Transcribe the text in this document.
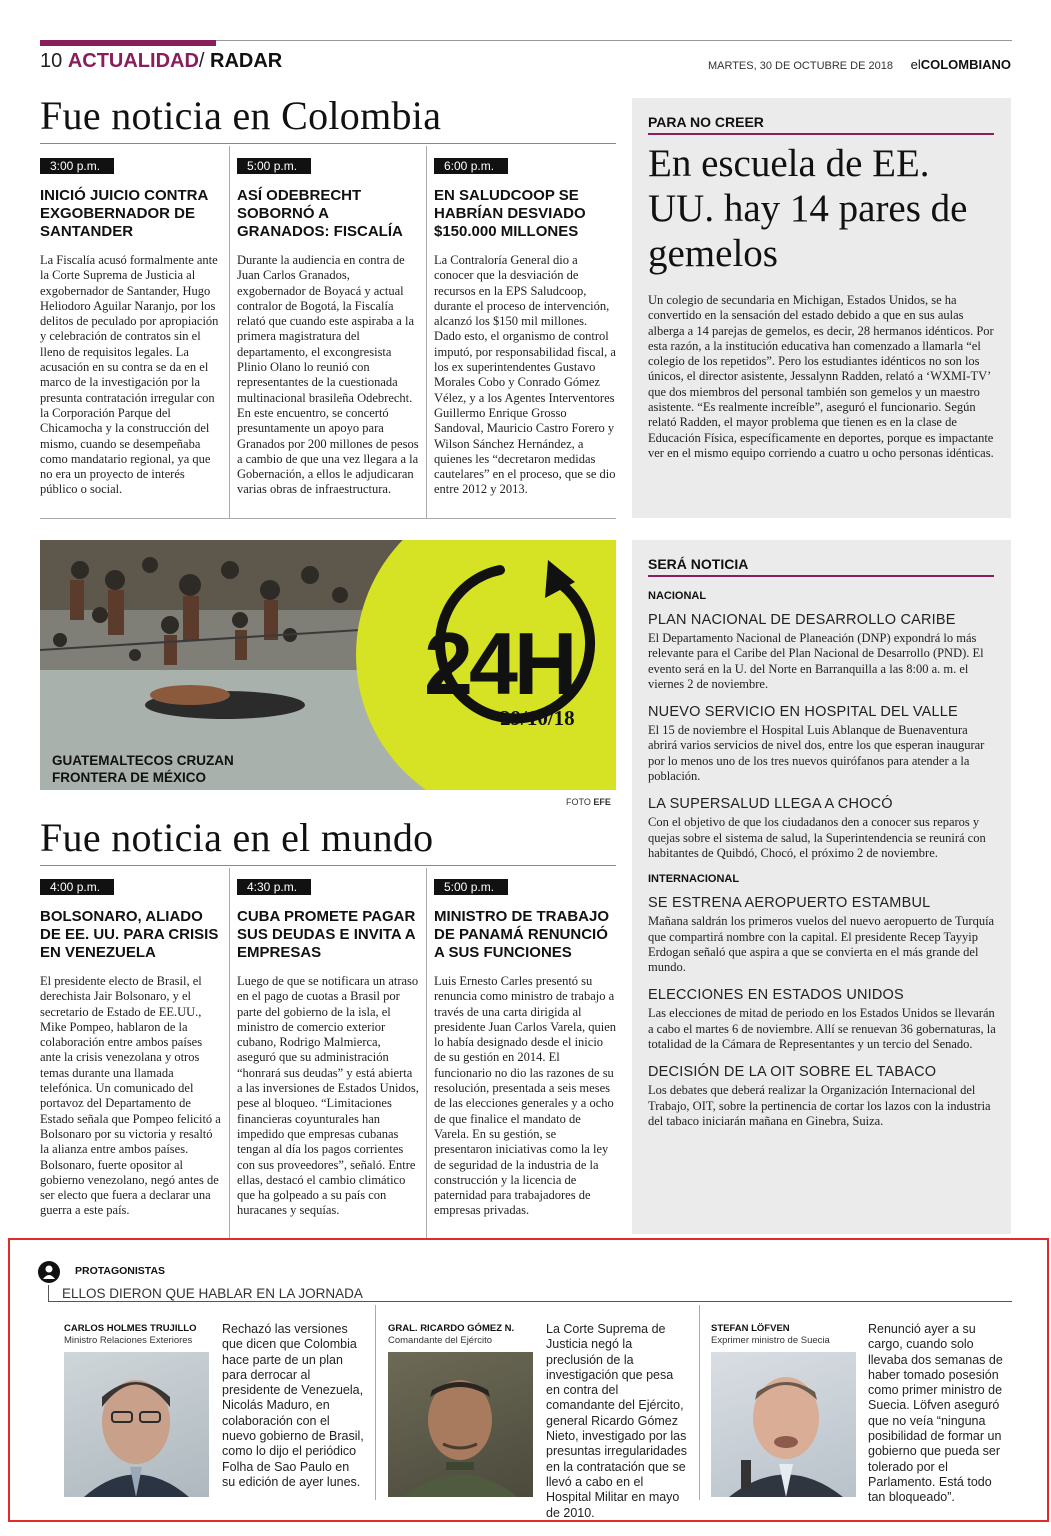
10 ACTUALIDAD/ RADAR	MARTES, 30 DE OCTUBRE DE 2018 elCOLOMBIANO
Fue noticia en Colombia
3:00 p.m.
INICIÓ JUICIO CONTRA EXGOBERNADOR DE SANTANDER
La Fiscalía acusó formalmente ante la Corte Suprema de Justicia al exgobernador de Santander, Hugo Heliodoro Aguilar Naranjo, por los delitos de peculado por apropiación y celebración de contratos sin el lleno de requisitos legales. La acusación en su contra se da en el marco de la investigación por la presunta contratación irregular con la Corporación Parque del Chicamocha y la construcción del mismo, cuando se desempeñaba como mandatario regional, ya que no era un proyecto de interés público o social.
5:00 p.m.
ASÍ ODEBRECHT SOBORNÓ A GRANADOS: FISCALÍA
Durante la audiencia en contra de Juan Carlos Granados, exgobernador de Boyacá y actual contralor de Bogotá, la Fiscalía relató que cuando este aspiraba a la primera magistratura del departamento, el excongresista Plinio Olano lo reunió con representantes de la cuestionada multinacional brasileña Odebrecht. En este encuentro, se concertó presuntamente un apoyo para Granados por 200 millones de pesos a cambio de que una vez llegara a la Gobernación, a ellos le adjudicaran varias obras de infraestructura.
6:00 p.m.
EN SALUDCOOP SE HABRÍAN DESVIADO $150.000 MILLONES
La Contraloría General dio a conocer que la desviación de recursos en la EPS Saludcoop, durante el proceso de intervención, alcanzó los $150 mil millones. Dado esto, el organismo de control imputó, por responsabilidad fiscal, a los ex superintendentes Gustavo Morales Cobo y Conrado Gómez Vélez, y a los Agentes Interventores Guillermo Enrique Grosso Sandoval, Mauricio Castro Forero y Wilson Sánchez Hernández, a quienes les “decretaron medidas cautelares” en el proceso, que se dio entre 2012 y 2013.
PARA NO CREER
En escuela de EE. UU. hay 14 pares de gemelos
Un colegio de secundaria en Michigan, Estados Unidos, se ha convertido en la sensación del estado debido a que en sus aulas alberga a 14 parejas de gemelos, es decir, 28 hermanos idénticos. Por esta razón, a la institución educativa han comenzado a llamarla “el colegio de los repetidos”. Pero los estudiantes idénticos no son los únicos, el director asistente, Jessalynn Radden, relató a ‘WXMI-TV’ que dos miembros del personal también son gemelos y un maestro asistente. “Es realmente increíble”, aseguró el funcionario. Según relató Radden, el mayor problema que tienen es en la clase de Educación Física, específicamente en deportes, porque es impactante ver en el mismo equipo corriendo a cuatro u ocho personas idénticas.
24H
29/10/18
GUATEMALTECOS CRUZAN
FRONTERA DE MÉXICO
FOTO EFE
SERÁ NOTICIA
NACIONAL
PLAN NACIONAL DE DESARROLLO CARIBE
El Departamento Nacional de Planeación (DNP) expondrá lo más relevante para el Caribe del Plan Nacional de Desarrollo (PND). El evento será en la U. del Norte en Barranquilla a las 8:00 a. m. el viernes 2 de noviembre.
NUEVO SERVICIO EN HOSPITAL DEL VALLE
El 15 de noviembre el Hospital Luis Ablanque de Buenaventura abrirá varios servicios de nivel dos, entre los que esperan inaugurar por lo menos uno de los tres nuevos quirófanos para atender a la población.
LA SUPERSALUD LLEGA A CHOCÓ
Con el objetivo de que los ciudadanos den a conocer sus reparos y quejas sobre el sistema de salud, la Superintendencia se reunirá con habitantes de Quibdó, Chocó, el próximo 2 de noviembre.
INTERNACIONAL
SE ESTRENA AEROPUERTO ESTAMBUL
Mañana saldrán los primeros vuelos del nuevo aeropuerto de Turquía que compartirá nombre con la capital. El presidente Recep Tayyip Erdogan señaló que aspira a que se convierta en el más grande del mundo.
ELECCIONES EN ESTADOS UNIDOS
Las elecciones de mitad de periodo en los Estados Unidos se llevarán a cabo el martes 6 de noviembre. Allí se renuevan 36 gobernaturas, la totalidad de la Cámara de Representantes y un tercio del Senado.
DECISIÓN DE LA OIT SOBRE EL TABACO
Los debates que deberá realizar la Organización Internacional del Trabajo, OIT, sobre la pertinencia de cortar los lazos con la industria del tabaco iniciarán mañana en Ginebra, Suiza.
Fue noticia en el mundo
4:00 p.m.
BOLSONARO, ALIADO DE EE. UU. PARA CRISIS EN VENEZUELA
El presidente electo de Brasil, el derechista Jair Bolsonaro, y el secretario de Estado de EE.UU., Mike Pompeo, hablaron de la colaboración entre ambos países ante la crisis venezolana y otros temas durante una llamada telefónica. Un comunicado del portavoz del Departamento de Estado señala que Pompeo felicitó a Bolsonaro por su victoria y resaltó la alianza entre ambos países. Bolsonaro, fuerte opositor al gobierno venezolano, negó antes de ser electo que fuera a declarar una guerra a este país.
4:30 p.m.
CUBA PROMETE PAGAR SUS DEUDAS E INVITA A EMPRESAS
Luego de que se notificara un atraso en el pago de cuotas a Brasil por parte del gobierno de la isla, el ministro de comercio exterior cubano, Rodrigo Malmierca, aseguró que su administración “honrará sus deudas” y está abierta a las inversiones de Estados Unidos, pese al bloqueo. “Limitaciones financieras coyunturales han impedido que empresas cubanas tengan al día los pagos corrientes con sus proveedores”, señaló. Entre ellas, destacó el cambio climático que ha golpeado a su país con huracanes y sequías.
5:00 p.m.
MINISTRO DE TRABAJO DE PANAMÁ RENUNCIÓ A SUS FUNCIONES
Luis Ernesto Carles presentó su renuncia como ministro de trabajo a través de una carta dirigida al presidente Juan Carlos Varela, quien lo había designado desde el inicio de su gestión en 2014. El funcionario no dio las razones de su resolución, presentada a seis meses de las elecciones generales y a ocho de que finalice el mandato de Varela. En su gestión, se presentaron iniciativas como la ley de seguridad de la industria de la construcción y la licencia de paternidad para trabajadores de empresas privadas.
PROTAGONISTAS
ELLOS DIERON QUE HABLAR EN LA JORNADA
CARLOS HOLMES TRUJILLO
Ministro Relaciones Exteriores
Rechazó las versiones que dicen que Colombia hace parte de un plan para derrocar al presidente de Venezuela, Nicolás Maduro, en colaboración con el nuevo gobierno de Brasil, como lo dijo el periódico Folha de Sao Paulo en su edición de ayer lunes.
GRAL. RICARDO GÓMEZ N.
Comandante del Ejército
La Corte Suprema de Justicia negó la preclusión de la investigación que pesa en contra del comandante del Ejército, general Ricardo Gómez Nieto, investigado por las presuntas irregularidades en la contratación que se llevó a cabo en el Hospital Militar en mayo de 2010.
STEFAN LÖFVEN
Exprimer ministro de Suecia
Renunció ayer a su cargo, cuando solo llevaba dos semanas de haber tomado posesión como primer ministro de Suecia. Löfven aseguró que no veía “ninguna posibilidad de formar un gobierno que pueda ser tolerado por el Parlamento. Está todo tan bloqueado”.
